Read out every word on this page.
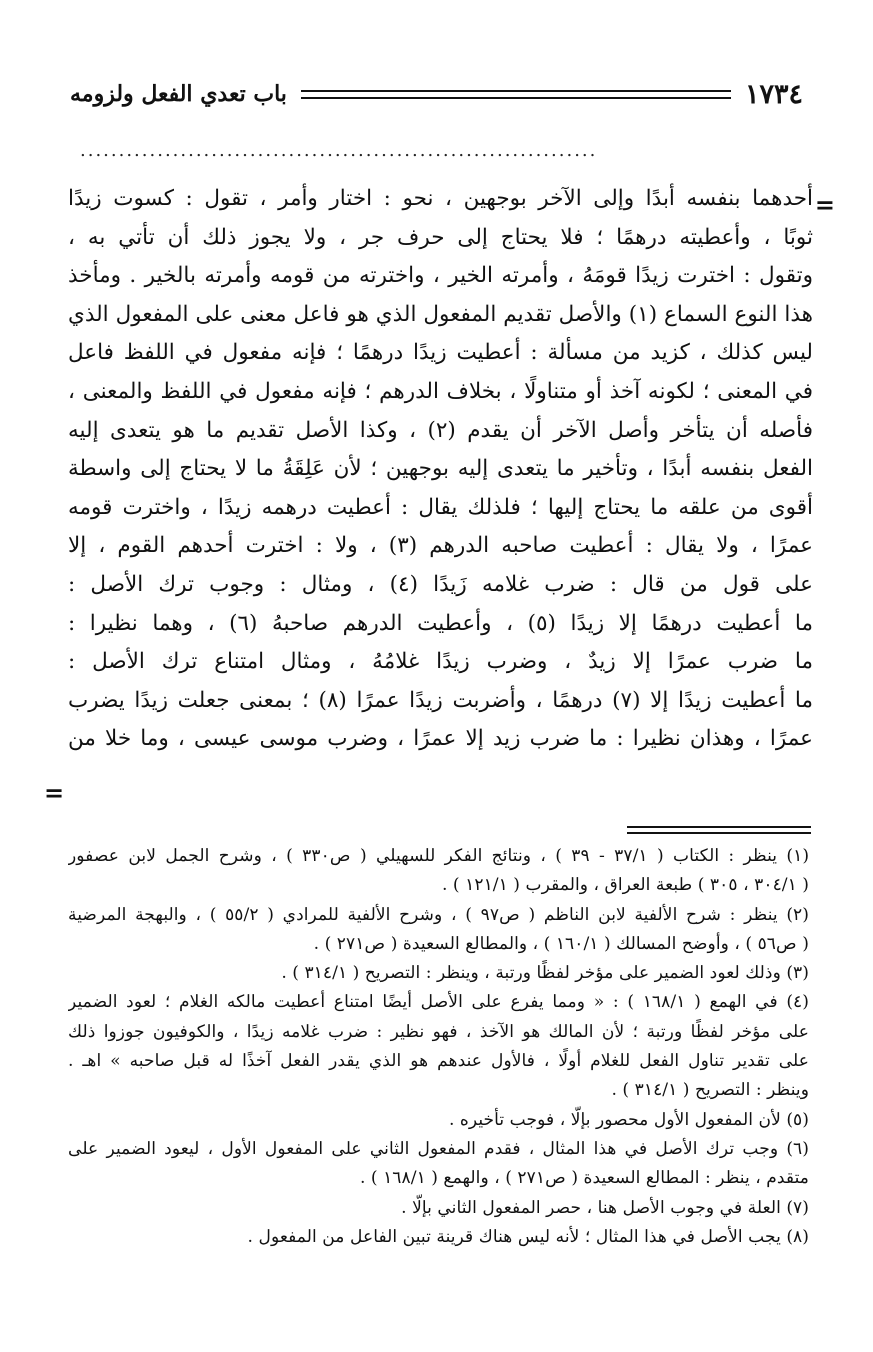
١٧٣٤
باب تعدي الفعل ولزومه
...................................................................
=
أحدهما بنفسه أبدًا وإلى الآخر بوجهين ، نحو : اختار وأمر ، تقول : كسوت زيدًا
ثوبًا ، وأعطيته درهمًا ؛ فلا يحتاج إلى حرف جر ، ولا يجوز ذلك أن تأتي به ،
وتقول : اخترت زيدًا قومَهُ ، وأمرته الخير ، واخترته من قومه وأمرته بالخير . ومأخذ
هذا النوع السماع (١) والأصل تقديم المفعول الذي هو فاعل معنى على المفعول الذي
ليس كذلك ، كزيد من مسألة : أعطيت زيدًا درهمًا ؛ فإنه مفعول في اللفظ فاعل
في المعنى ؛ لكونه آخذ أو متناولًا ، بخلاف الدرهم ؛ فإنه مفعول في اللفظ والمعنى ،
فأصله أن يتأخر وأصل الآخر أن يقدم (٢) ، وكذا الأصل تقديم ما هو يتعدى إليه
الفعل بنفسه أبدًا ، وتأخير ما يتعدى إليه بوجهين ؛ لأن عَلِقَةُ ما لا يحتاج إلى واسطة
أقوى من علقه ما يحتاج إليها ؛ فلذلك يقال : أعطيت درهمه زيدًا ، واخترت قومه
عمرًا ، ولا يقال : أعطيت صاحبه الدرهم (٣) ، ولا : اخترت أحدهم القوم ، إلا
على قول من قال : ضرب غلامه زَيدًا (٤) ، ومثال : وجوب ترك الأصل :
ما أعطيت درهمًا إلا زيدًا (٥) ، وأعطيت الدرهم صاحبهُ (٦) ، وهما نظيرا :
ما ضرب عمرًا إلا زيدٌ ، وضرب زيدًا غلامُهُ ، ومثال امتناع ترك الأصل :
ما أعطيت زيدًا إلا (٧) درهمًا ، وأضربت زيدًا عمرًا (٨) ؛ بمعنى جعلت زيدًا يضرب
عمرًا ، وهذان نظيرا : ما ضرب زيد إلا عمرًا ، وضرب موسى عيسى ، وما خلا من
=
(١) ينظر : الكتاب ( ٣٧/١ - ٣٩ ) ، ونتائج الفكر للسهيلي ( ص٣٣٠ ) ، وشرح الجمل لابن عصفور
( ٣٠٤/١ ، ٣٠٥ ) طبعة العراق ، والمقرب ( ١٢١/١ ) .
(٢) ينظر : شرح الألفية لابن الناظم ( ص٩٧ ) ، وشرح الألفية للمرادي ( ٥٥/٢ ) ، والبهجة المرضية
( ص٥٦ ) ، وأوضح المسالك ( ١٦٠/١ ) ، والمطالع السعيدة ( ص٢٧١ ) .
(٣) وذلك لعود الضمير على مؤخر لفظًا ورتبة ، وينظر : التصريح ( ٣١٤/١ ) .
(٤) في الهمع ( ١٦٨/١ ) : « ومما يفرع على الأصل أيضًا امتناع أعطيت مالكه الغلام ؛ لعود الضمير
على مؤخر لفظًا ورتبة ؛ لأن المالك هو الآخذ ، فهو نظير : ضرب غلامه زيدًا ، والكوفيون جوزوا ذلك
على تقدير تناول الفعل للغلام أولًا ، فالأول عندهم هو الذي يقدر الفعل آخذًا له قبل صاحبه » اهـ .
وينظر : التصريح ( ٣١٤/١ ) .
(٥) لأن المفعول الأول محصور بإلّا ، فوجب تأخيره .
(٦) وجب ترك الأصل في هذا المثال ، فقدم المفعول الثاني على المفعول الأول ، ليعود الضمير على
متقدم ، ينظر : المطالع السعيدة ( ص٢٧١ ) ، والهمع ( ١٦٨/١ ) .
(٧) العلة في وجوب الأصل هنا ، حصر المفعول الثاني بإلّا .
(٨) يجب الأصل في هذا المثال ؛ لأنه ليس هناك قرينة تبين الفاعل من المفعول .
